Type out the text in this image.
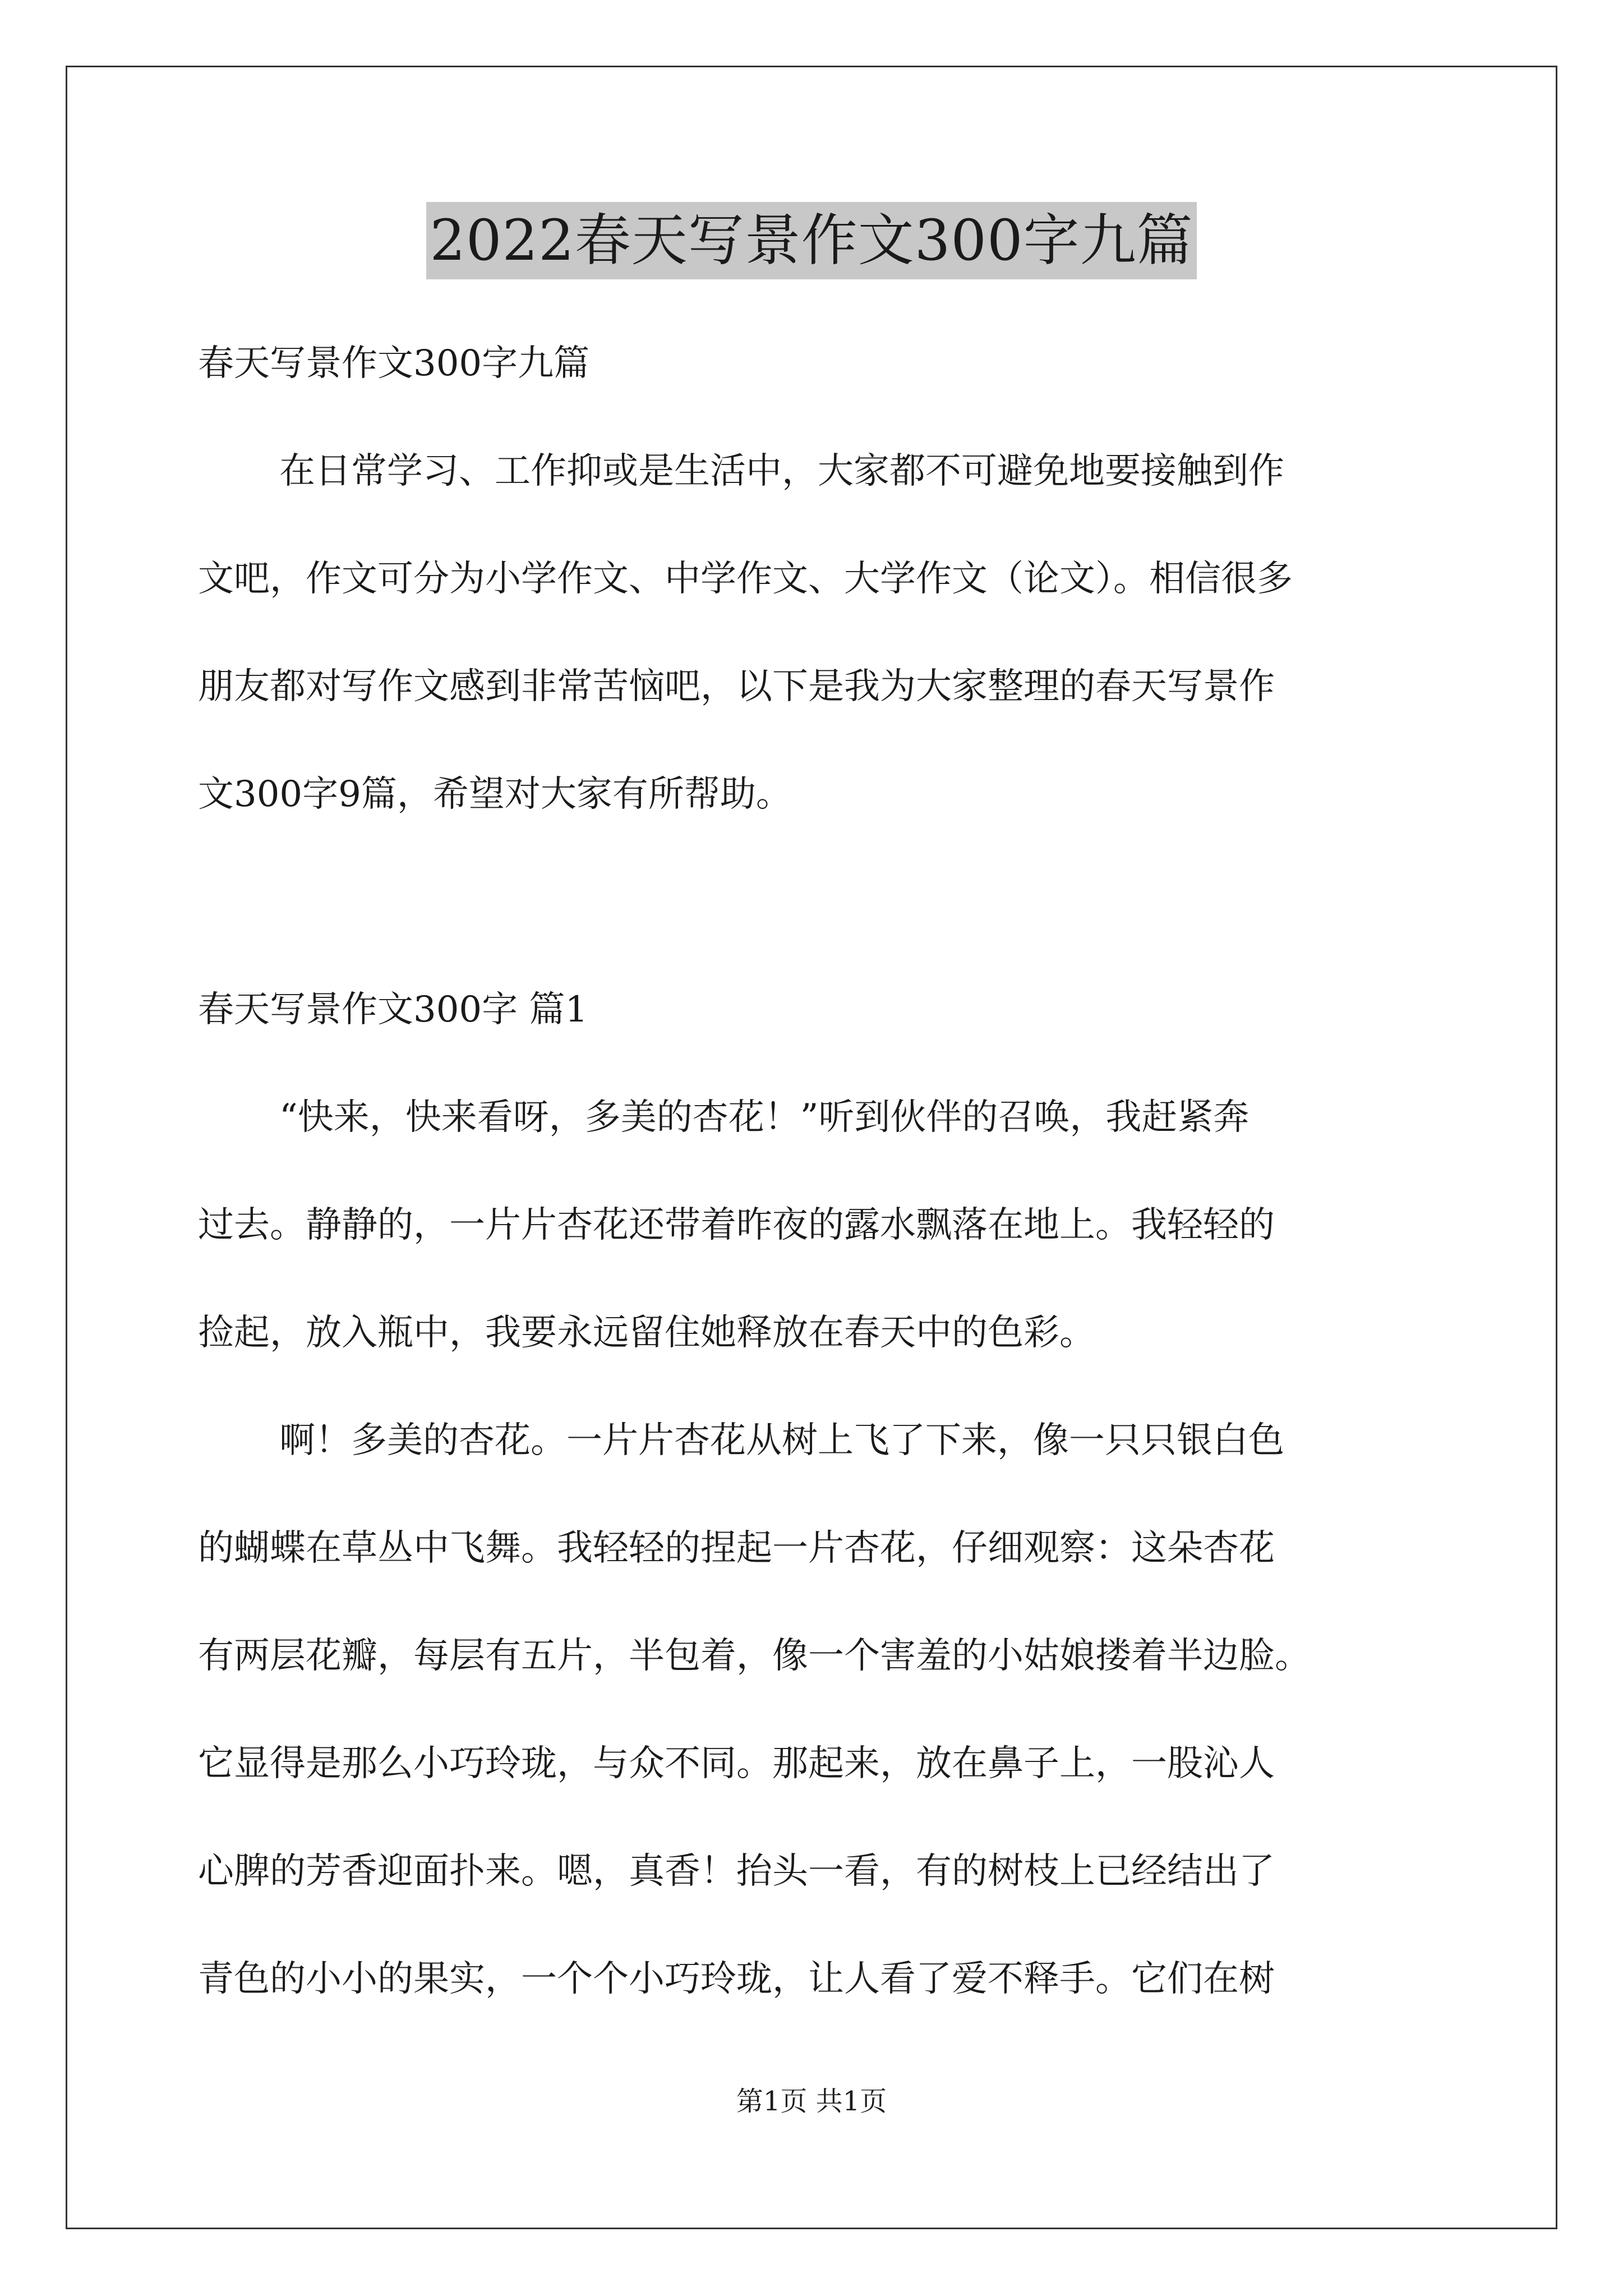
2022春天写景作文300字九篇
春天写景作文300字九篇
在日常学习、工作抑或是生活中，大家都不可避免地要接触到作
文吧，作文可分为小学作文、中学作文、大学作文（论文）。相信很多
朋友都对写作文感到非常苦恼吧，以下是我为大家整理的春天写景作
文300字9篇，希望对大家有所帮助。
春天写景作文300字 篇1
“快来，快来看呀，多美的杏花！”听到伙伴的召唤，我赶紧奔
过去。静静的，一片片杏花还带着昨夜的露水飘落在地上。我轻轻的
捡起，放入瓶中，我要永远留住她释放在春天中的色彩。
啊！多美的杏花。一片片杏花从树上飞了下来，像一只只银白色
的蝴蝶在草丛中飞舞。我轻轻的捏起一片杏花，仔细观察：这朵杏花
有两层花瓣，每层有五片，半包着，像一个害羞的小姑娘搂着半边脸。
它显得是那么小巧玲珑，与众不同。那起来，放在鼻子上，一股沁人
心脾的芳香迎面扑来。嗯，真香！抬头一看，有的树枝上已经结出了
青色的小小的果实，一个个小巧玲珑，让人看了爱不释手。它们在树
第1页 共1页
